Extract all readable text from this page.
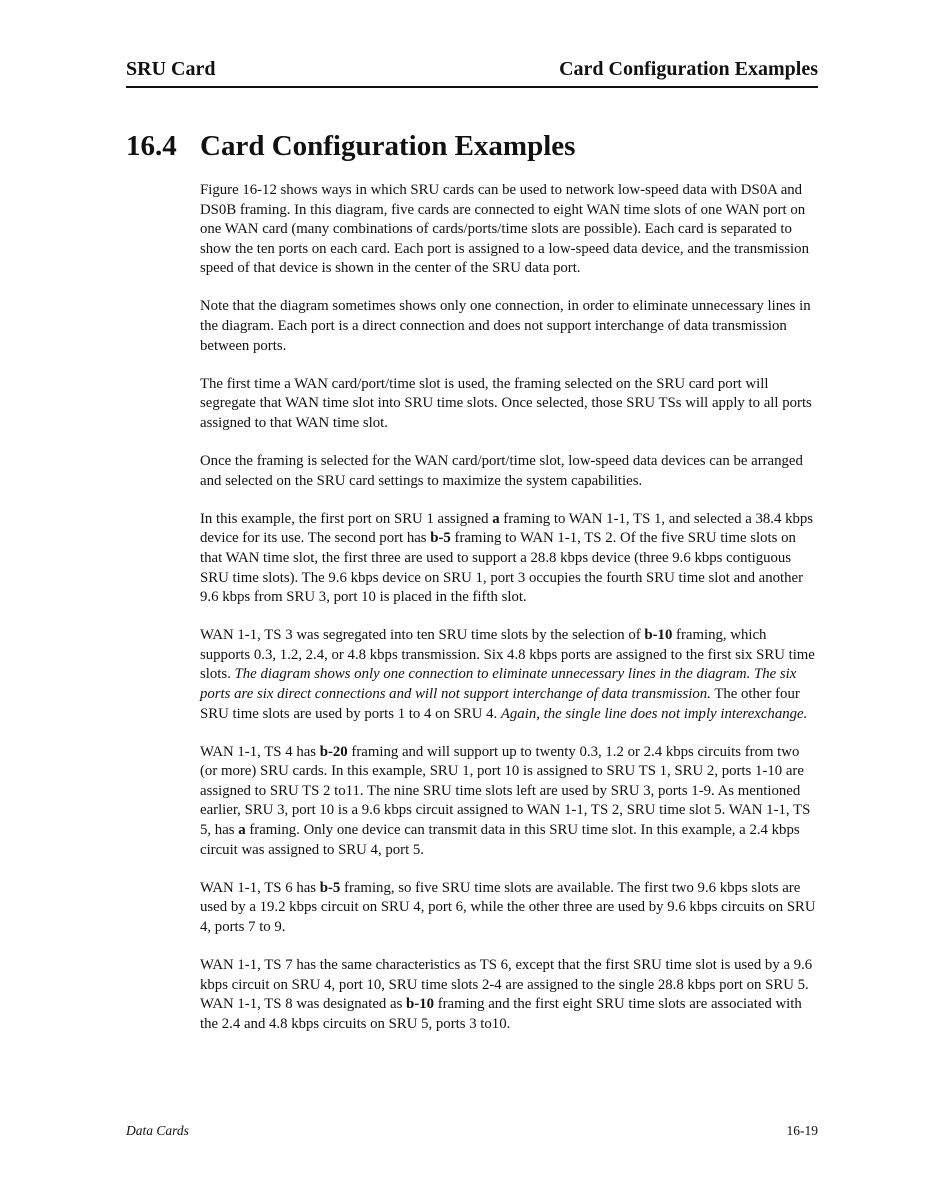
SRU Card	Card Configuration Examples
16.4 Card Configuration Examples

Figure 16-12 shows ways in which SRU cards can be used to network low-speed data with DS0A and DS0B framing. In this diagram, five cards are connected to eight WAN time slots of one WAN port on one WAN card (many combinations of cards/ports/time slots are possible). Each card is separated to show the ten ports on each card. Each port is assigned to a low-speed data device, and the transmission speed of that device is shown in the center of the SRU data port.

Note that the diagram sometimes shows only one connection, in order to eliminate unnecessary lines in the diagram. Each port is a direct connection and does not support interchange of data transmission between ports.

The first time a WAN card/port/time slot is used, the framing selected on the SRU card port will segregate that WAN time slot into SRU time slots. Once selected, those SRU TSs will apply to all ports assigned to that WAN time slot.

Once the framing is selected for the WAN card/port/time slot, low-speed data devices can be arranged and selected on the SRU card settings to maximize the system capabilities.

In this example, the first port on SRU 1 assigned a framing to WAN 1-1, TS 1, and selected a 38.4 kbps device for its use. The second port has b-5 framing to WAN 1-1, TS 2. Of the five SRU time slots on that WAN time slot, the first three are used to support a 28.8 kbps device (three 9.6 kbps contiguous SRU time slots). The 9.6 kbps device on SRU 1, port 3 occupies the fourth SRU time slot and another 9.6 kbps from SRU 3, port 10 is placed in the fifth slot.

WAN 1-1, TS 3 was segregated into ten SRU time slots by the selection of b-10 framing, which supports 0.3, 1.2, 2.4, or 4.8 kbps transmission. Six 4.8 kbps ports are assigned to the first six SRU time slots. The diagram shows only one connection to eliminate unnecessary lines in the diagram. The six ports are six direct connections and will not support interchange of data transmission. The other four SRU time slots are used by ports 1 to 4 on SRU 4. Again, the single line does not imply interexchange.

WAN 1-1, TS 4 has b-20 framing and will support up to twenty 0.3, 1.2 or 2.4 kbps circuits from two (or more) SRU cards. In this example, SRU 1, port 10 is assigned to SRU TS 1, SRU 2, ports 1-10 are assigned to SRU TS 2 to11. The nine SRU time slots left are used by SRU 3, ports 1-9. As mentioned earlier, SRU 3, port 10 is a 9.6 kbps circuit assigned to WAN 1-1, TS 2, SRU time slot 5. WAN 1-1, TS 5, has a framing. Only one device can transmit data in this SRU time slot. In this example, a 2.4 kbps circuit was assigned to SRU 4, port 5.

WAN 1-1, TS 6 has b-5 framing, so five SRU time slots are available. The first two 9.6 kbps slots are used by a 19.2 kbps circuit on SRU 4, port 6, while the other three are used by 9.6 kbps circuits on SRU 4, ports 7 to 9.

WAN 1-1, TS 7 has the same characteristics as TS 6, except that the first SRU time slot is used by a 9.6 kbps circuit on SRU 4, port 10, SRU time slots 2-4 are assigned to the single 28.8 kbps port on SRU 5. WAN 1-1, TS 8 was designated as b-10 framing and the first eight SRU time slots are associated with the 2.4 and 4.8 kbps circuits on SRU 5, ports 3 to10.

Data Cards	16-19
